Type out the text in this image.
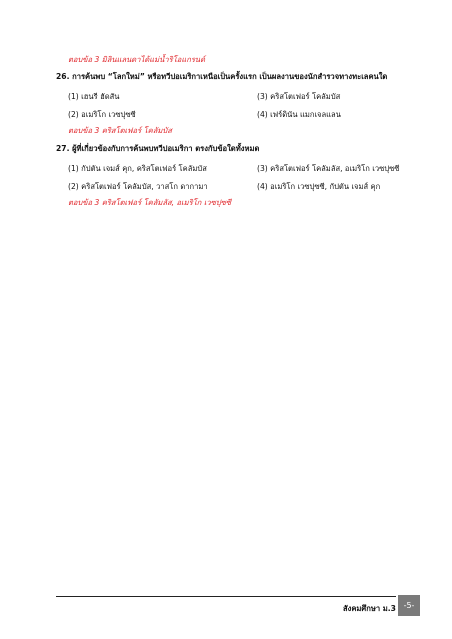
ตอบข้อ 3 มิลินแลนดาได้แม่น้ำริโอแกรนด์
26. การค้นพบ “โลกใหม่” หรือทวีปอเมริกาเหนือเป็นครั้งแรก เป็นผลงานของนักสำรวจทางทะเลคนใด
(1) เฮนรี ฮัดสัน	(3) คริสโตเฟอร์ โคลัมบัส
(2) อเมริโก เวซปุซซี	(4) เฟร์ดินัน แมกเจลแลน
ตอบข้อ 3 คริสโตเฟอร์ โคลัมบัส
27. ผู้ที่เกี่ยวข้องกับการค้นพบทวีปอเมริกา ตรงกับข้อใดทั้งหมด
(1) กัปตัน เจมส์ คุก, คริสโตเฟอร์ โคลัมบัส	(3) คริสโตเฟอร์ โคลัมลัส, อเมริโก เวซปุซซี
(2) คริสโตเฟอร์ โคลัมบัส, วาสโก ดากามา	(4) อเมริโก เวซปุซซี, กัปตัน เจมส์ คุก
ตอบข้อ 3 คริสโตเฟอร์ โคลัมลัส, อเมริโก เวซปุซซี
สังคมศึกษา ม.3 -5-
